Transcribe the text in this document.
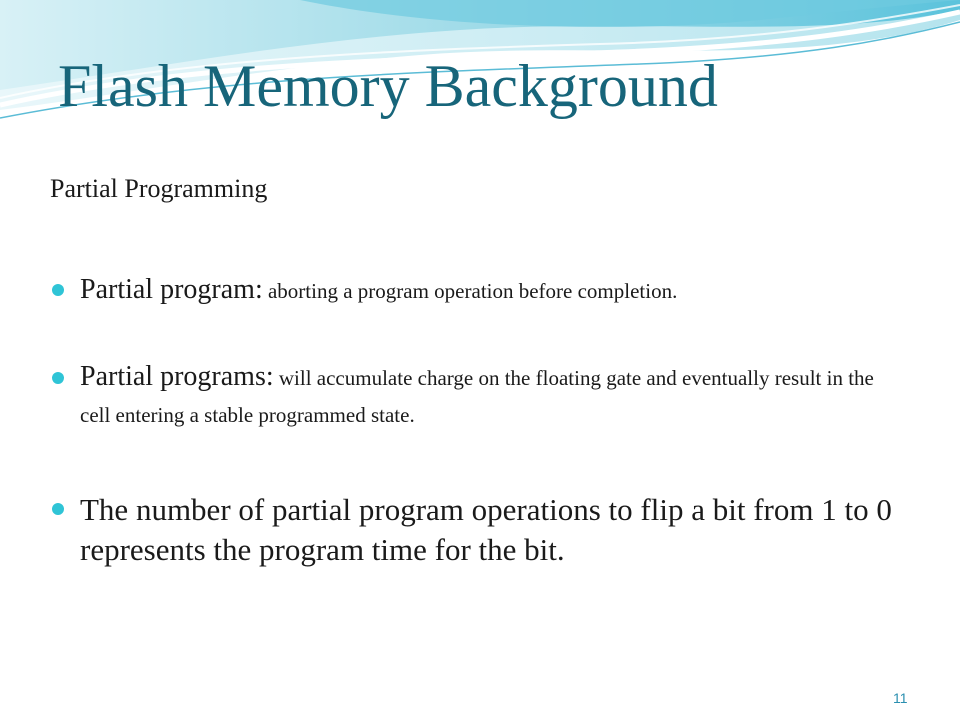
Flash Memory Background
Partial Programming
Partial program: aborting a program operation before completion.
Partial programs: will accumulate charge on the floating gate and eventually result in the cell entering a stable programmed state.
The number of partial program operations to flip a bit from 1 to 0 represents the program time for the bit.
11
